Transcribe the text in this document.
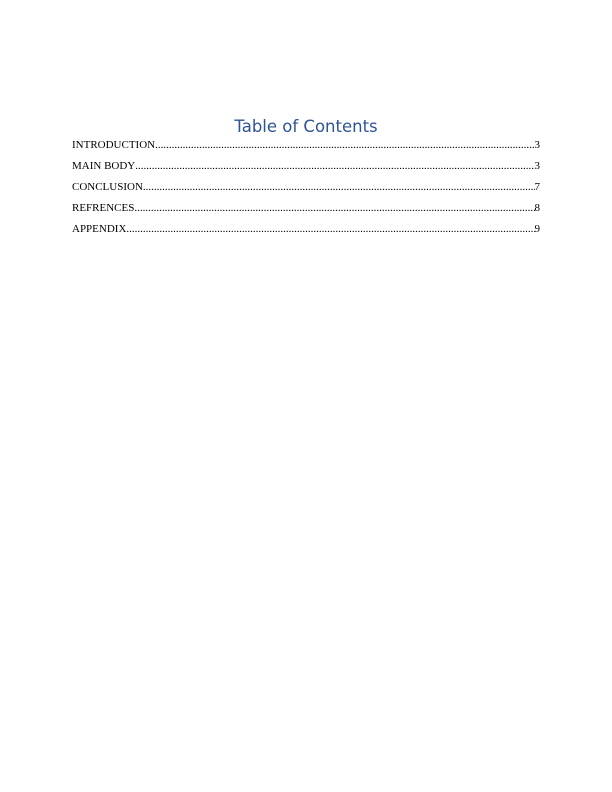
Table of Contents
INTRODUCTION .....	3
MAIN BODY .....	3
CONCLUSION .....	7
REFRENCES .....	8
APPENDIX .....	9
